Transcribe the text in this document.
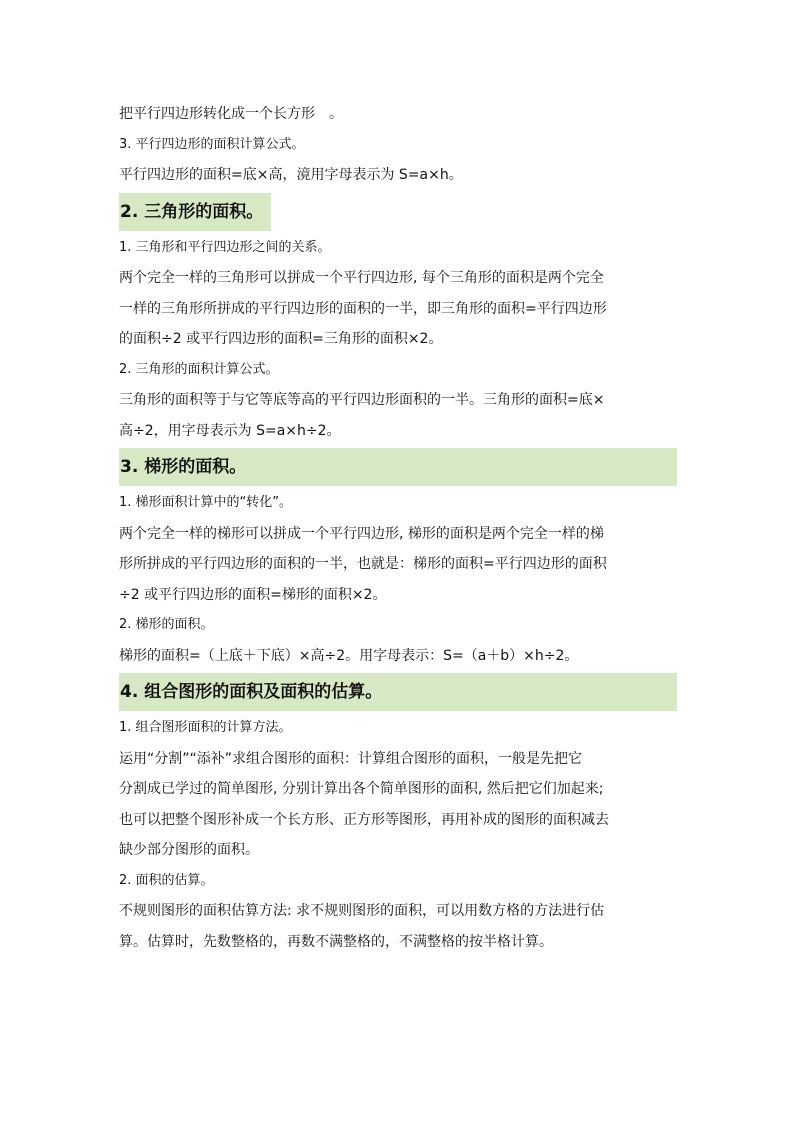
把平行四边形转化成一个长方形　。
3. 平行四边形的面积计算公式。
平行四边形的面积=底×高，滰用字母表示为 S=a×h。
2. 三角形的面积。
1. 三角形和平行四边形之间的关系。
两个完全一样的三角形可以拼成一个平行四边形, 每个三角形的面积是两个完全
一样的三角形所拼成的平行四边形的面积的一半，即三角形的面积=平行四边形
的面积÷2 或平行四边形的面积=三角形的面积×2。
2. 三角形的面积计算公式。
三角形的面积等于与它等底等高的平行四边形面积的一半。三角形的面积=底×
高÷2，用字母表示为 S=a×h÷2。
3. 梯形的面积。
1. 梯形面积计算中的“转化”。
两个完全一样的梯形可以拼成一个平行四边形, 梯形的面积是两个完全一样的梯
形所拼成的平行四边形的面积的一半，也就是：梯形的面积=平行四边形的面积
÷2 或平行四边形的面积=梯形的面积×2。
2. 梯形的面积。
梯形的面积=（上底＋下底）×高÷2。用字母表示：S=（a＋b）×h÷2。
4. 组合图形的面积及面积的估算。
1. 组合图形面积的计算方法。
运用“分割”“添补”求组合图形的面积：计算组合图形的面积，一般是先把它
分割成已学过的简单图形, 分别计算出各个简单图形的面积, 然后把它们加起来;
也可以把整个图形补成一个长方形、正方形等图形，再用补成的图形的面积减去
缺少部分图形的面积。
2. 面积的估算。
不规则图形的面积估算方法: 求不规则图形的面积，可以用数方格的方法进行估
算。估算时，先数整格的，再数不满整格的，不满整格的按半格计算。
